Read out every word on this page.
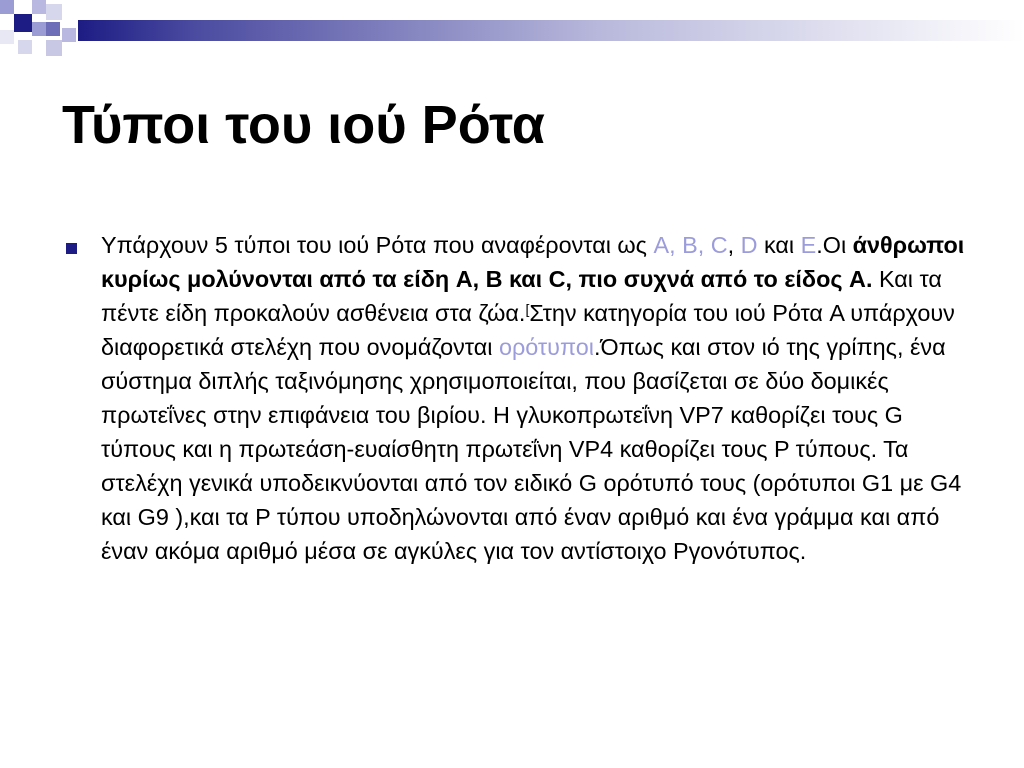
Τύποι του ιού Ρότα

Υπάρχουν 5 τύποι του ιού Ρότα που αναφέρονται ως A, B, C, D και E.Οι άνθρωποι κυρίως μολύνονται από τα είδη A, B και C, πιο συχνά από το είδος A. Και τα πέντε είδη προκαλούν ασθένεια στα ζώα.[Στην κατηγορία του ιού Ρότα A υπάρχουν διαφορετικά στελέχη που ονομάζονται ορότυποι.Όπως και στον ιό της γρίπης, ένα σύστημα διπλής ταξινόμησης χρησιμοποιείται, που βασίζεται σε δύο δομικές πρωτεΐνες στην επιφάνεια του βιρίου. Η γλυκοπρωτεΐνη VP7 καθορίζει τους G τύπους και η πρωτεάση-ευαίσθητη πρωτεΐνη VP4 καθορίζει τους P τύπους. Τα στελέχη γενικά υποδεικνύονται από τον ειδικό G ορότυπό τους (ορότυποι G1 με G4 και G9 ),και τα P τύπου υποδηλώνονται από έναν αριθμό και ένα γράμμα και από έναν ακόμα αριθμό μέσα σε αγκύλες για τον αντίστοιχο Pγονότυπος.
